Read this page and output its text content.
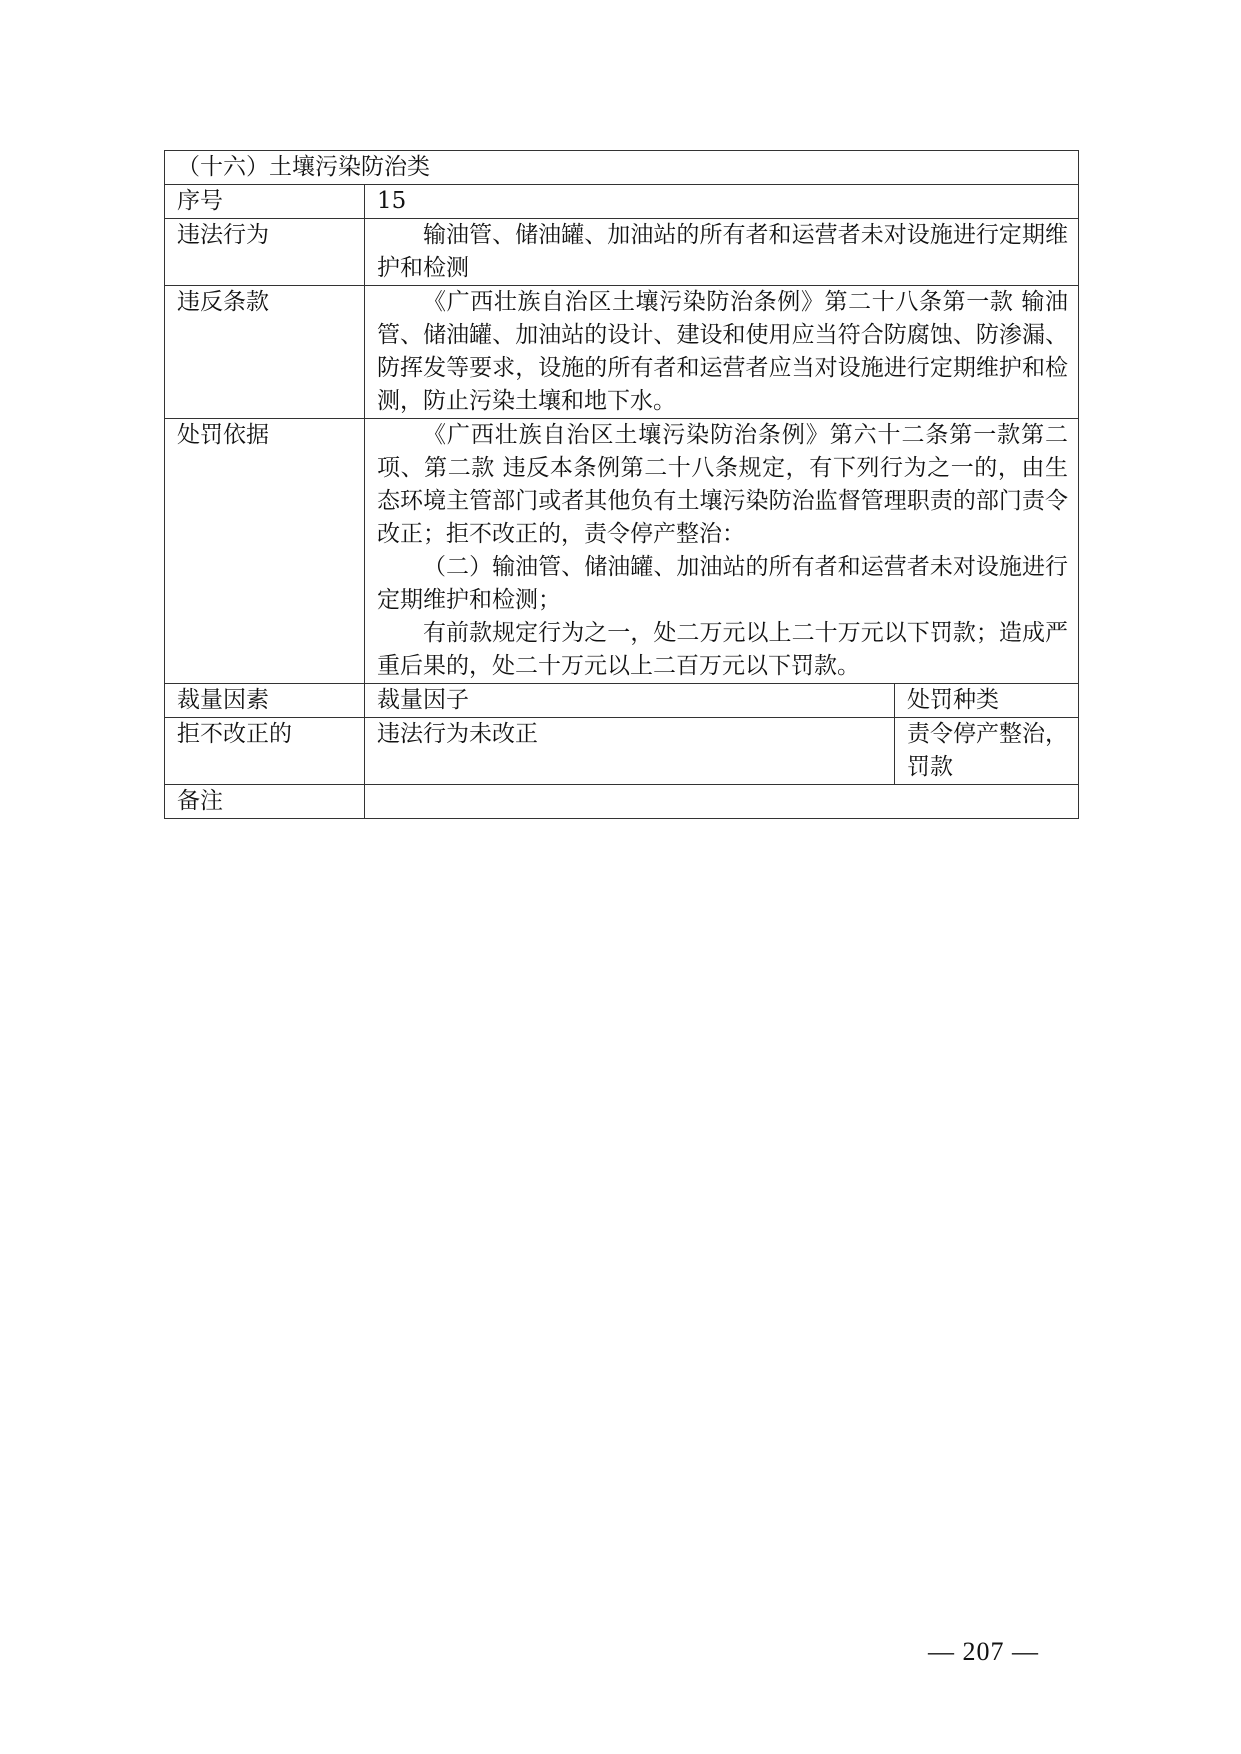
（十六）土壤污染防治类		
序号	15	
违法行为	输油管、储油罐、加油站的所有者和运营者未对设施进行定期维护和检测	

违反条款	《广西壮族自治区土壤污染防治条例》第二十八条第一款 输油管、储油罐、加油站的设计、建设和使用应当符合防腐蚀、防渗漏、防挥发等要求，设施的所有者和运营者应当对设施进行定期维护和检测，防止污染土壤和地下水。	

处罚依据	《广西壮族自治区土壤污染防治条例》第六十二条第一款第二项、第二款 违反本条例第二十八条规定，有下列行为之一的，由生态环境主管部门或者其他负有土壤污染防治监督管理职责的部门责令改正；拒不改正的，责令停产整治：
（二）输油管、储油罐、加油站的所有者和运营者未对设施进行定期维护和检测；
有前款规定行为之一，处二万元以上二十万元以下罚款；造成严重后果的，处二十万元以上二百万元以下罚款。	

裁量因素	裁量因子	处罚种类
拒不改正的	违法行为未改正	责令停产整治，罚款
备注		
— 207 —
